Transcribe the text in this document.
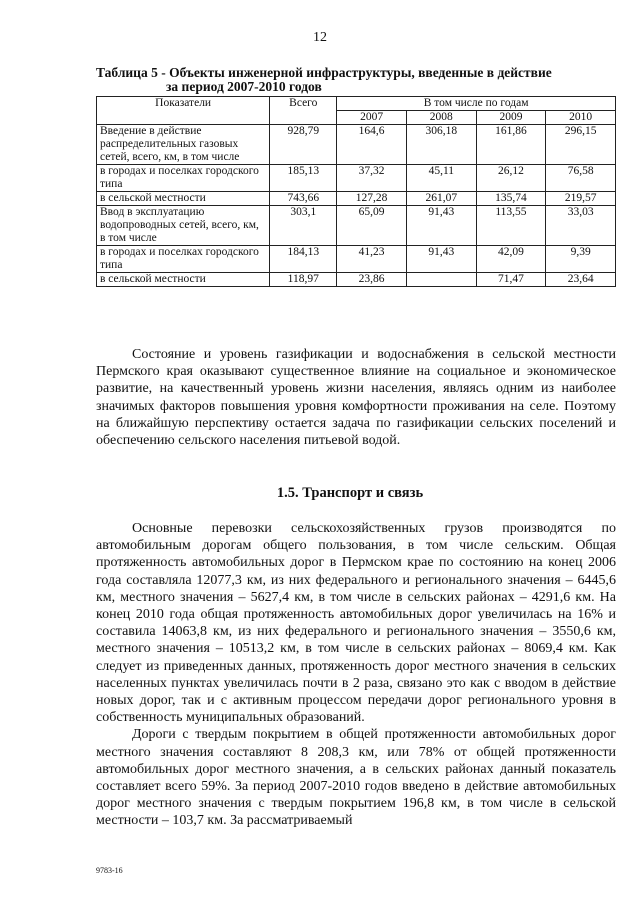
12
Таблица 5 - Объекты инженерной инфраструктуры, введенные в действие
за период 2007-2010 годов
Показатели	Всего	В том числе по годам			
		2007	2008	2009	2010
Введение в действие распределительных газовых сетей, всего, км, в том числе	928,79	164,6	306,18	161,86	296,15
в городах и поселках городского типа	185,13	37,32	45,11	26,12	76,58
в сельской местности	743,66	127,28	261,07	135,74	219,57
Ввод в эксплуатацию водопроводных сетей, всего, км, в том числе	303,1	65,09	91,43	113,55	33,03
в городах и поселках городского типа	184,13	41,23	91,43	42,09	9,39
в сельской местности	118,97	23,86		71,47	23,64

Состояние и уровень газификации и водоснабжения в сельской местности Пермского края оказывают существенное влияние на социальное и экономическое развитие, на качественный уровень жизни населения, являясь одним из наиболее значимых факторов повышения уровня комфортности проживания на селе. Поэтому на ближайшую перспективу остается задача по газификации сельских поселений и обеспечению сельского населения питьевой водой.

1.5. Транспорт и связь

Основные перевозки сельскохозяйственных грузов производятся по автомобильным дорогам общего пользования, в том числе сельским. Общая протяженность автомобильных дорог в Пермском крае по состоянию на конец 2006 года составляла 12077,3 км, из них федерального и регионального значения – 6445,6 км, местного значения – 5627,4 км, в том числе в сельских районах – 4291,6 км. На конец 2010 года общая протяженность автомобильных дорог увеличилась на 16% и составила 14063,8 км, из них федерального и регионального значения – 3550,6 км, местного значения – 10513,2 км, в том числе в сельских районах – 8069,4 км. Как следует из приведенных данных, протяженность дорог местного значения в сельских населенных пунктах увеличилась почти в 2 раза, связано это как с вводом в действие новых дорог, так и с активным процессом передачи дорог регионального уровня в собственность муниципальных образований.

Дороги с твердым покрытием в общей протяженности автомобильных дорог местного значения составляют 8 208,3 км, или 78% от общей протяженности автомобильных дорог местного значения, а в сельских районах данный показатель составляет всего 59%. За период 2007-2010 годов введено в действие автомобильных дорог местного значения с твердым покрытием 196,8 км, в том числе в сельской местности – 103,7 км. За рассматриваемый

9783-16
